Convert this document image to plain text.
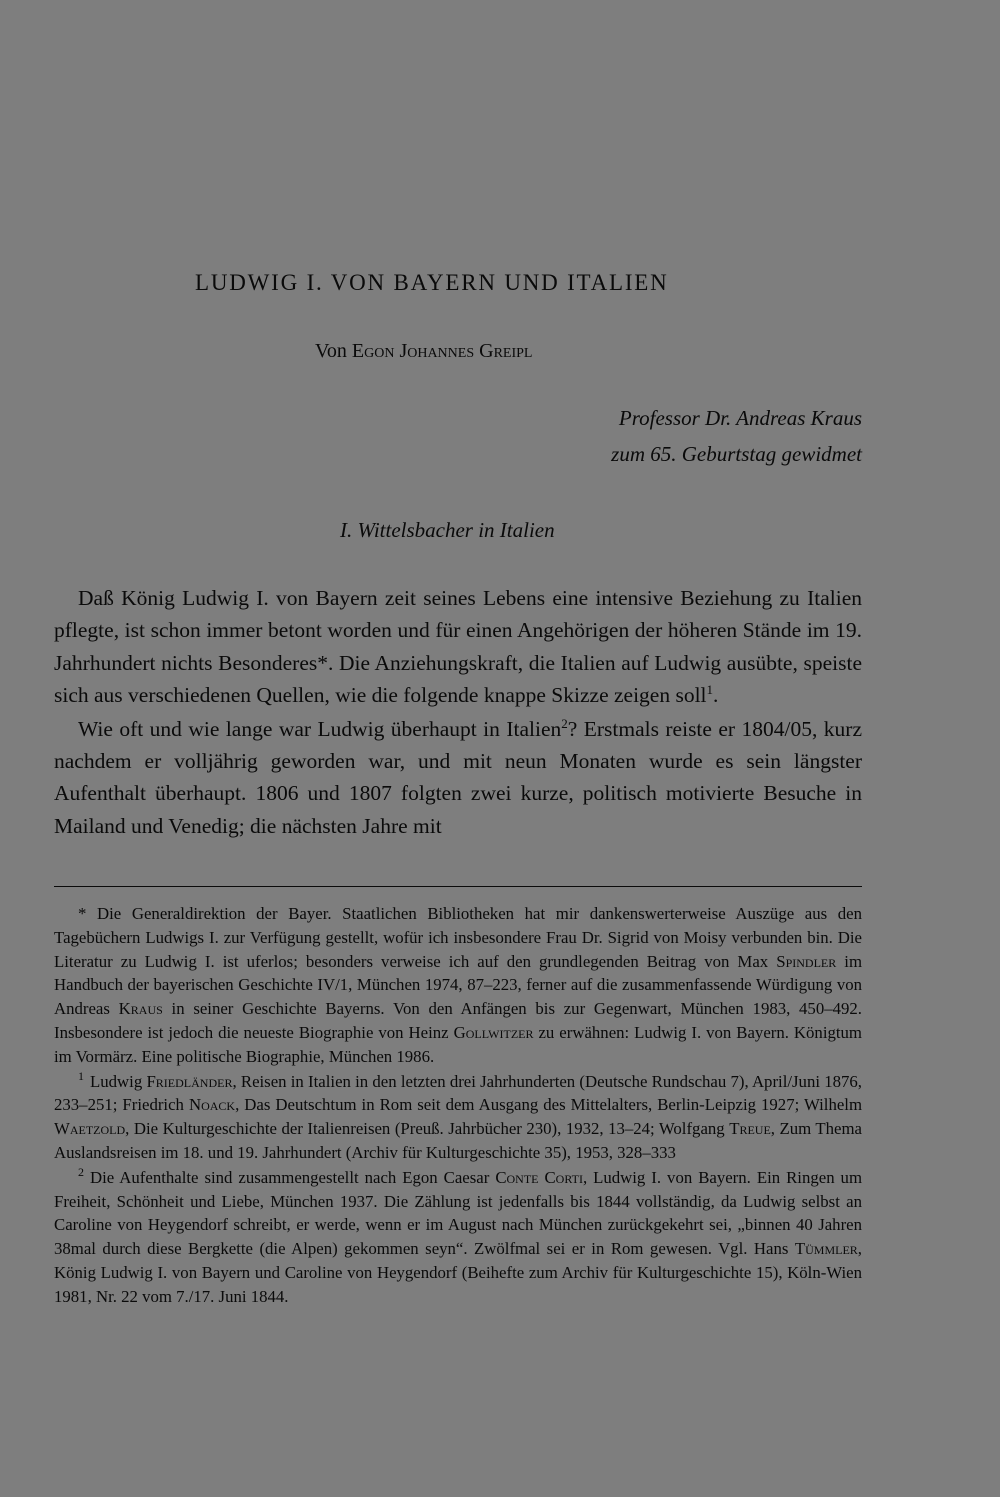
LUDWIG I. VON BAYERN UND ITALIEN
Von Egon Johannes Greipl
Professor Dr. Andreas Kraus
zum 65. Geburtstag gewidmet
I. Wittelsbacher in Italien

Daß König Ludwig I. von Bayern zeit seines Lebens eine intensive Beziehung zu Italien pflegte, ist schon immer betont worden und für einen Angehörigen der höheren Stände im 19. Jahrhundert nichts Besonderes*. Die Anziehungskraft, die Italien auf Ludwig ausübte, speiste sich aus verschiedenen Quellen, wie die folgende knappe Skizze zeigen soll$^1$.

Wie oft und wie lange war Ludwig überhaupt in Italien$^2$? Erstmals reiste er 1804/05, kurz nachdem er volljährig geworden war, und mit neun Monaten wurde es sein längster Aufenthalt überhaupt. 1806 und 1807 folgten zwei kurze, politisch motivierte Besuche in Mailand und Venedig; die nächsten Jahre mit

* Die Generaldirektion der Bayer. Staatlichen Bibliotheken hat mir dankenswerterweise Auszüge aus den Tagebüchern Ludwigs I. zur Verfügung gestellt, wofür ich insbesondere Frau Dr. Sigrid von Moisy verbunden bin. Die Literatur zu Ludwig I. ist uferlos; besonders verweise ich auf den grundlegenden Beitrag von Max Spindler im Handbuch der bayerischen Geschichte IV/1, München 1974, 87–223, ferner auf die zusammenfassende Würdigung von Andreas Kraus in seiner Geschichte Bayerns. Von den Anfängen bis zur Gegenwart, München 1983, 450–492. Insbesondere ist jedoch die neueste Biographie von Heinz Gollwitzer zu erwähnen: Ludwig I. von Bayern. Königtum im Vormärz. Eine politische Biographie, München 1986.

$^1$ Ludwig Friedländer, Reisen in Italien in den letzten drei Jahrhunderten (Deutsche Rundschau 7), April/Juni 1876, 233–251; Friedrich Noack, Das Deutschtum in Rom seit dem Ausgang des Mittelalters, Berlin-Leipzig 1927; Wilhelm Waetzold, Die Kulturgeschichte der Italienreisen (Preuß. Jahrbücher 230), 1932, 13–24; Wolfgang Treue, Zum Thema Auslandsreisen im 18. und 19. Jahrhundert (Archiv für Kulturgeschichte 35), 1953, 328–333

$^2$ Die Aufenthalte sind zusammengestellt nach Egon Caesar Conte Corti, Ludwig I. von Bayern. Ein Ringen um Freiheit, Schönheit und Liebe, München 1937. Die Zählung ist jedenfalls bis 1844 vollständig, da Ludwig selbst an Caroline von Heygendorf schreibt, er werde, wenn er im August nach München zurückgekehrt sei, „binnen 40 Jahren 38mal durch diese Bergkette (die Alpen) gekommen seyn“. Zwölfmal sei er in Rom gewesen. Vgl. Hans Tümmler, König Ludwig I. von Bayern und Caroline von Heygendorf (Beihefte zum Archiv für Kulturgeschichte 15), Köln-Wien 1981, Nr. 22 vom 7./17. Juni 1844.
